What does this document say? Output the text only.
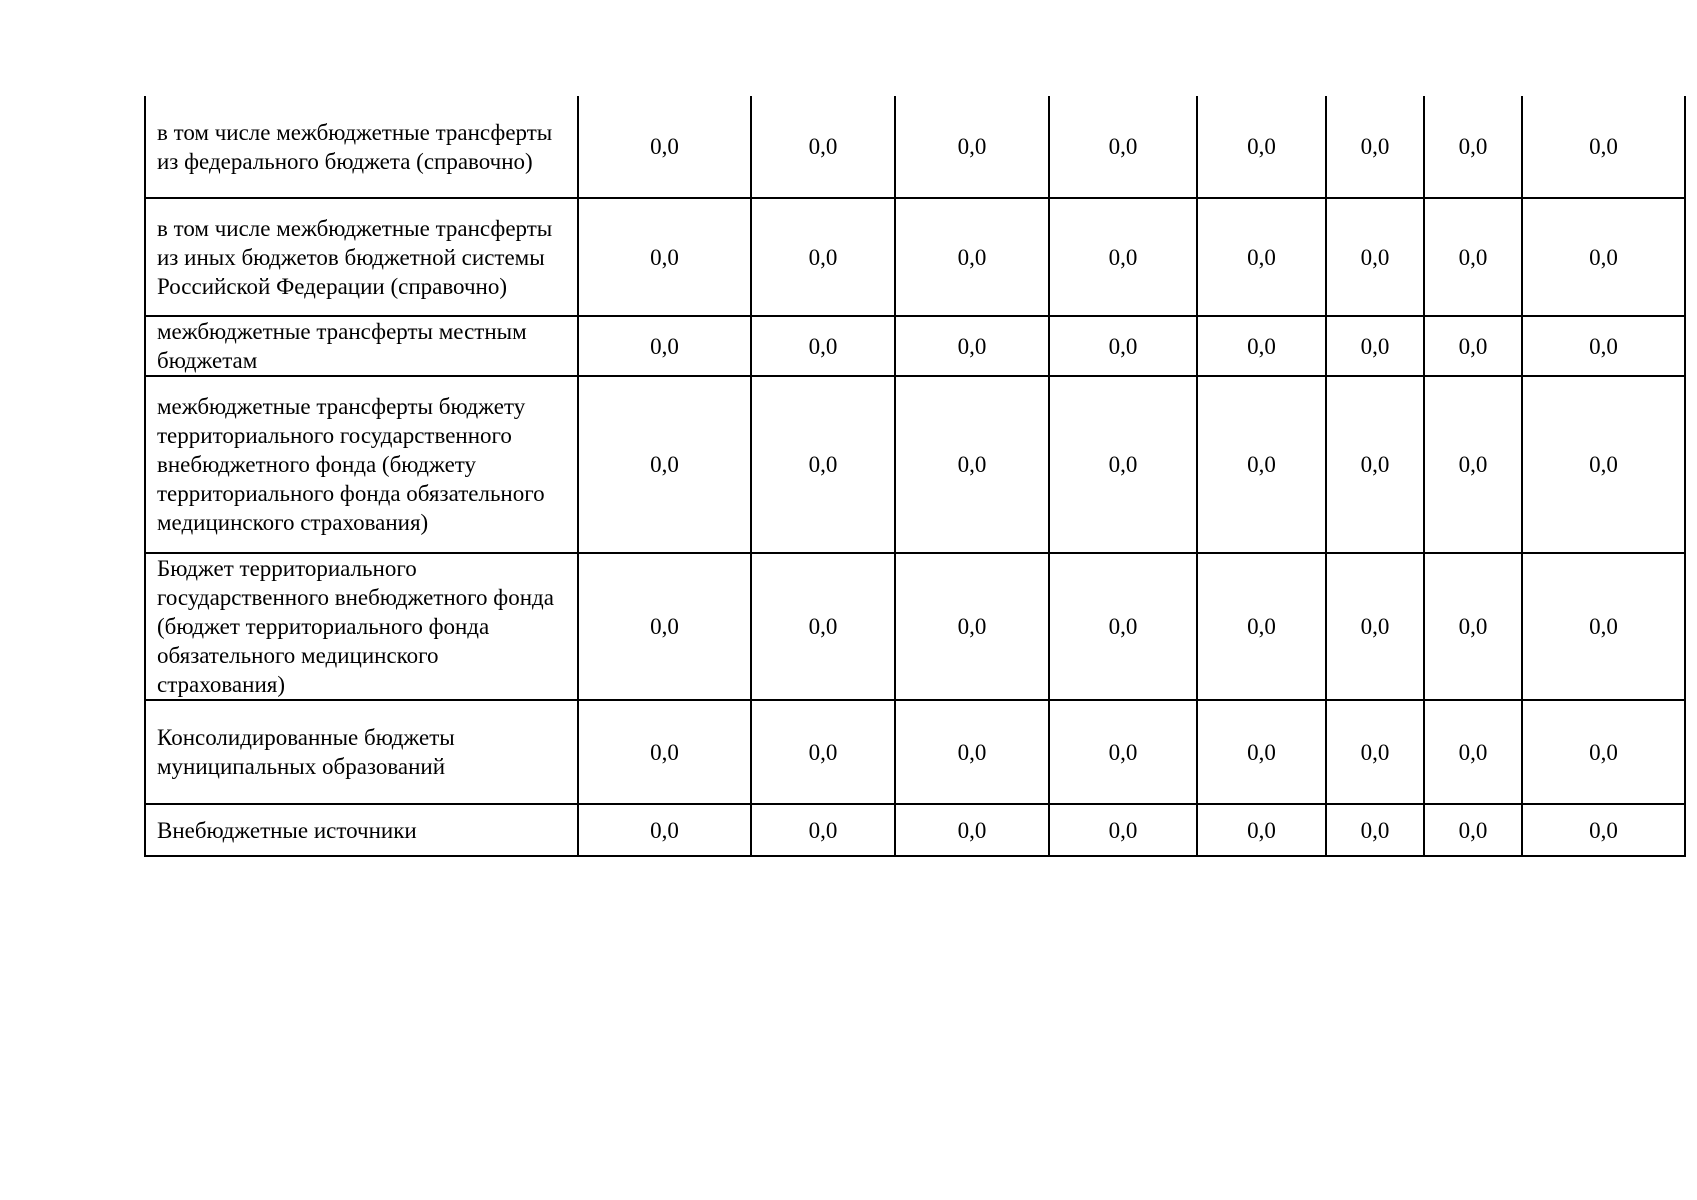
в том числе межбюджетные трансферты из федерального бюджета (справочно)	0,0	0,0	0,0	0,0	0,0	0,0	0,0	0,0
в том числе межбюджетные трансферты из иных бюджетов бюджетной системы Российской Федерации (справочно)	0,0	0,0	0,0	0,0	0,0	0,0	0,0	0,0
межбюджетные трансферты местным бюджетам	0,0	0,0	0,0	0,0	0,0	0,0	0,0	0,0
межбюджетные трансферты бюджету территориального государственного внебюджетного фонда (бюджету территориального фонда обязательного медицинского страхования)	0,0	0,0	0,0	0,0	0,0	0,0	0,0	0,0
Бюджет территориального государственного внебюджетного фонда (бюджет территориального фонда обязательного медицинского страхования)	0,0	0,0	0,0	0,0	0,0	0,0	0,0	0,0
Консолидированные бюджеты муниципальных образований	0,0	0,0	0,0	0,0	0,0	0,0	0,0	0,0
Внебюджетные источники	0,0	0,0	0,0	0,0	0,0	0,0	0,0	0,0
